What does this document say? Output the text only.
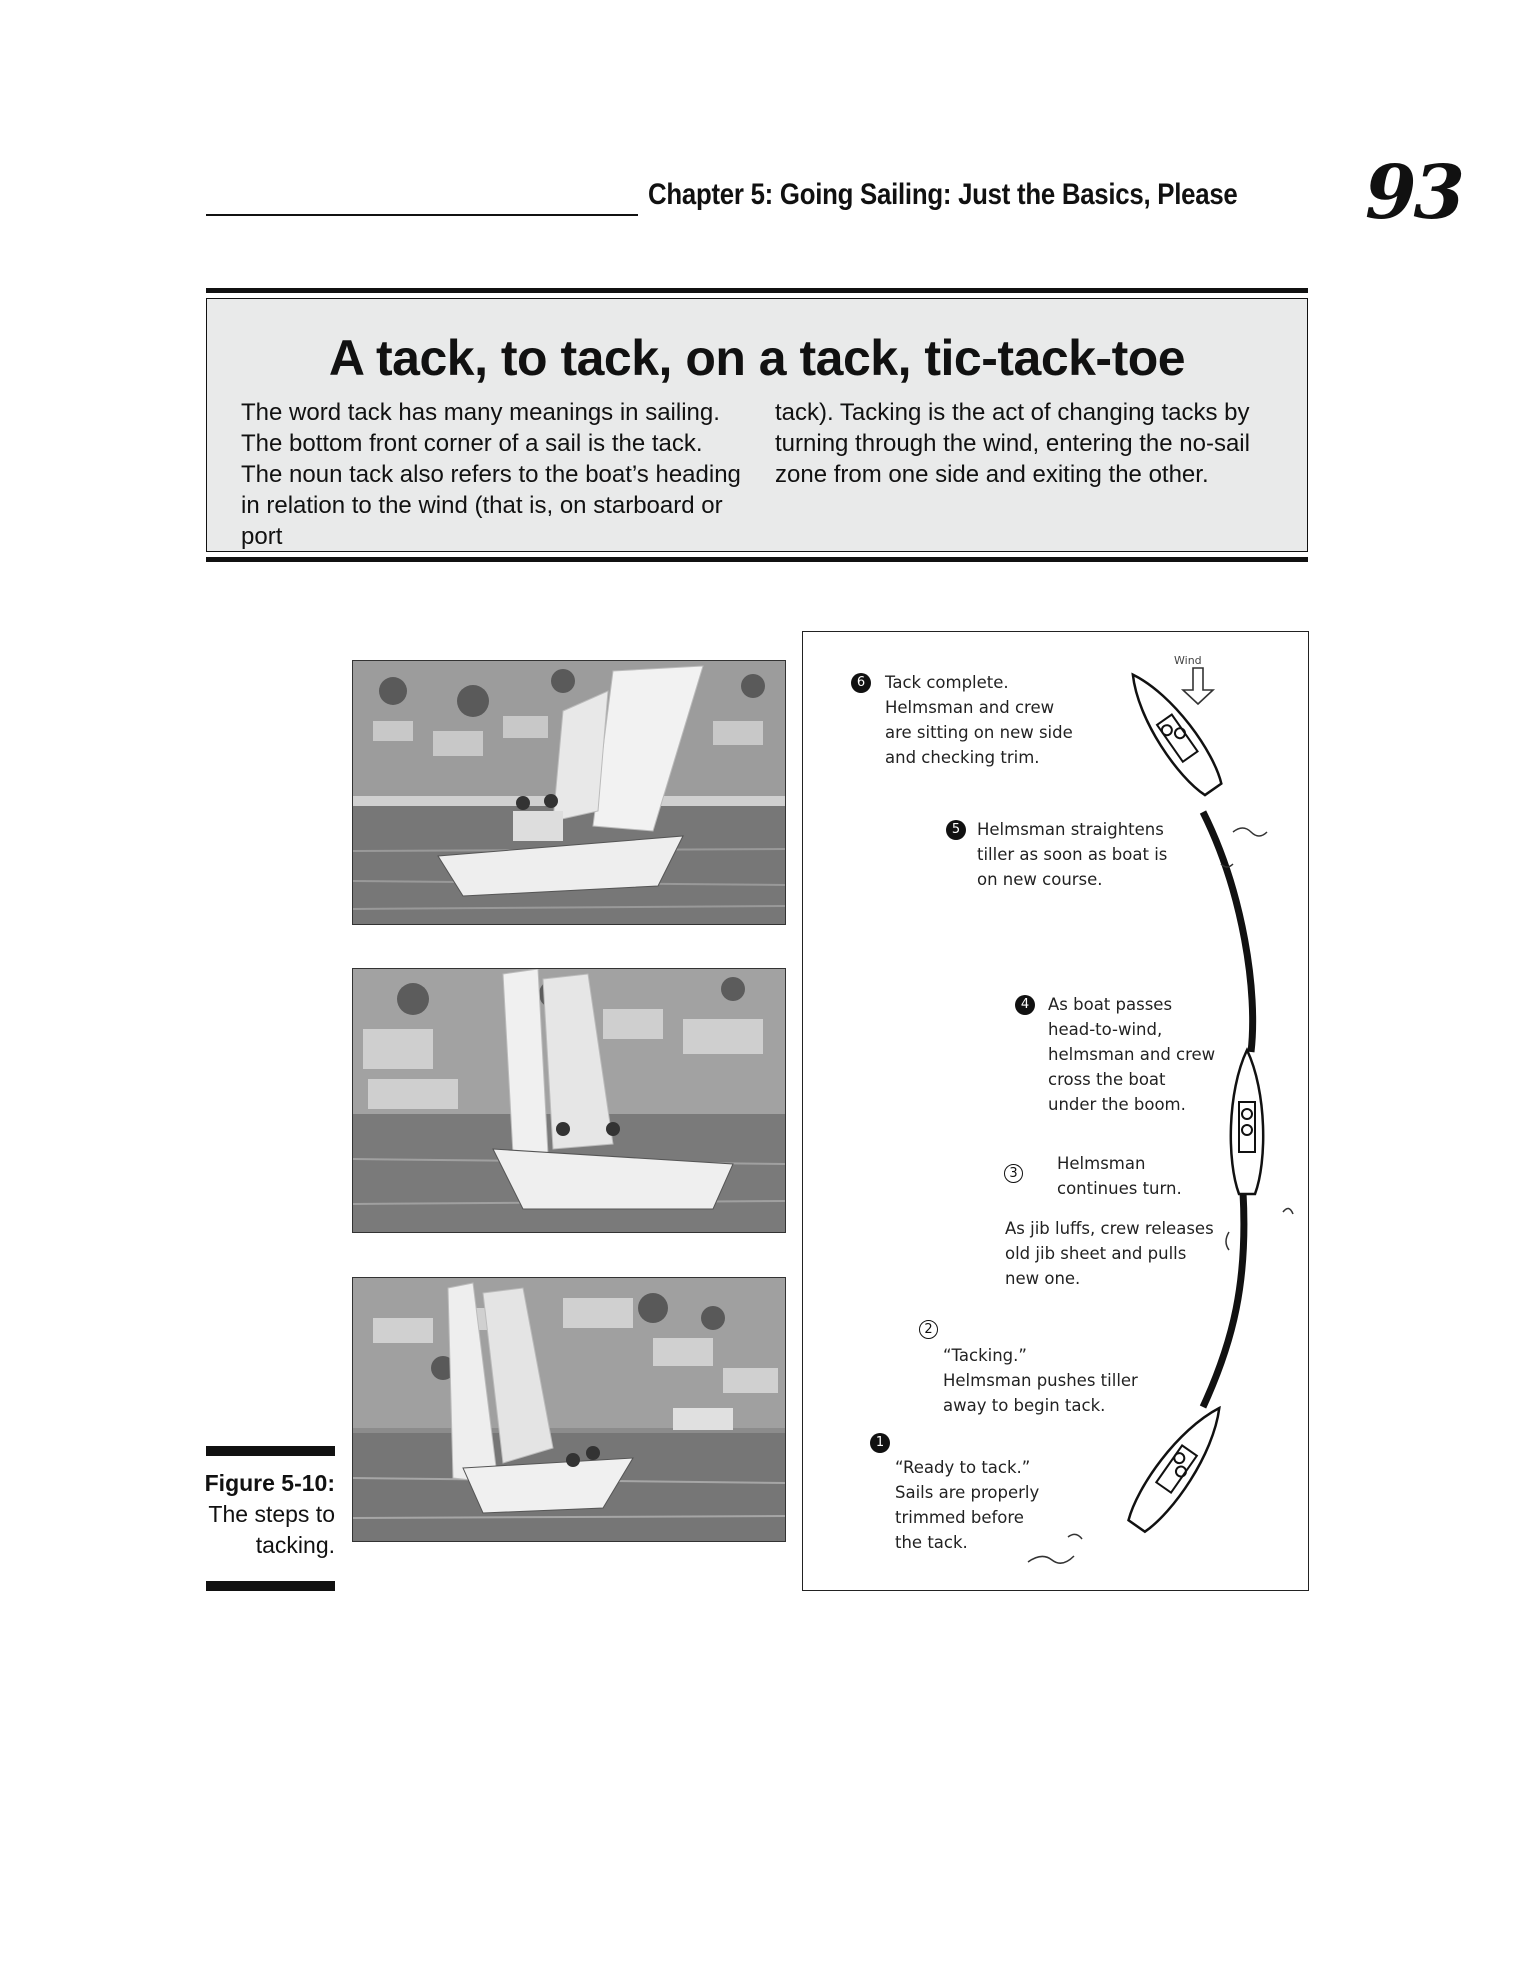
Chapter 5: Going Sailing: Just the Basics, Please 93
A tack, to tack, on a tack, tic-tack-toe
The word tack has many meanings in sailing. The bottom front corner of a sail is the tack. The noun tack also refers to the boat’s heading in relation to the wind (that is, on starboard or port
tack). Tacking is the act of changing tacks by turning through the wind, entering the no-sail zone from one side and exiting the other.
Figure 5-10:
The steps to tacking.
Wind
6	Tack complete.
Helmsman and crew
are sitting on new side
and checking trim.
5	Helmsman straightens
tiller as soon as boat is
on new course.
4	As boat passes
head-to-wind,
helmsman and crew
cross the boat
under the boom.
3
Helmsman
continues turn.
As jib luffs, crew releases
old jib sheet and pulls
new one.
2
“Tacking.”
Helmsman pushes tiller
away to begin tack.
1
“Ready to tack.”
Sails are properly
trimmed before
the tack.
